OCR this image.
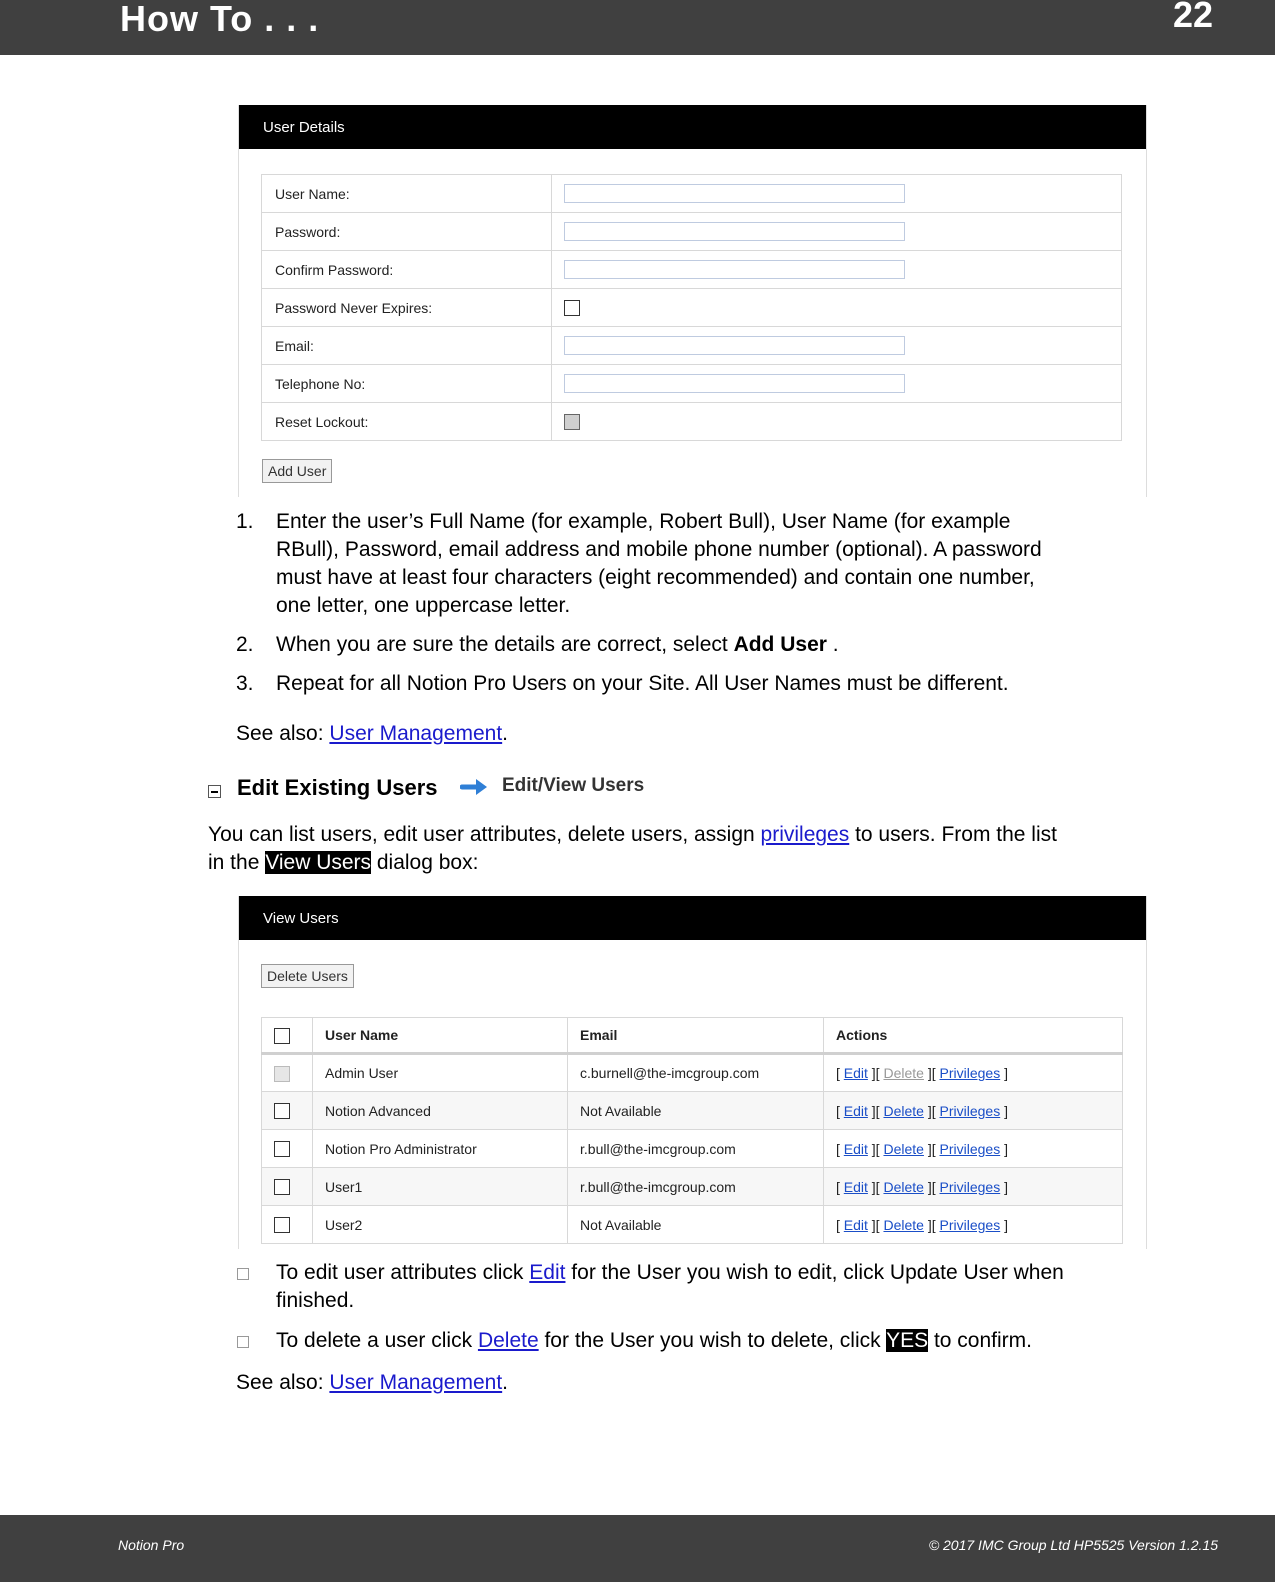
How To . . .	22
User Details
User Name:	

Password:	

Confirm Password:	

Password Never Expires:	
Email:	

Telephone No:	

Reset Lockout:	
Add User
1. Enter the user’s Full Name (for example, Robert Bull), User Name (for example
RBull), Password, email address and mobile phone number (optional). A password
must have at least four characters (eight recommended) and contain one number,
one letter, one uppercase letter.
2. When you are sure the details are correct, select Add User .
3. Repeat for all Notion Pro Users on your Site. All User Names must be different.
See also: User Management.
Edit Existing Users	Edit/View Users
You can list users, edit user attributes, delete users, assign privileges to users. From the list
in the View Users dialog box:
View Users
Delete Users
	User Name	Email	Actions
	Admin User	c.burnell@the-imcgroup.com	[ Edit ][ Delete ][ Privileges ]
	Notion Advanced	Not Available	[ Edit ][ Delete ][ Privileges ]
	Notion Pro Administrator	r.bull@the-imcgroup.com	[ Edit ][ Delete ][ Privileges ]
	User1	r.bull@the-imcgroup.com	[ Edit ][ Delete ][ Privileges ]
	User2	Not Available	[ Edit ][ Delete ][ Privileges ]
To edit user attributes click Edit for the User you wish to edit, click Update User when
finished.
To delete a user click Delete for the User you wish to delete, click YES to confirm.
See also: User Management.
Notion Pro	© 2017 IMC Group Ltd HP5525 Version 1.2.15
